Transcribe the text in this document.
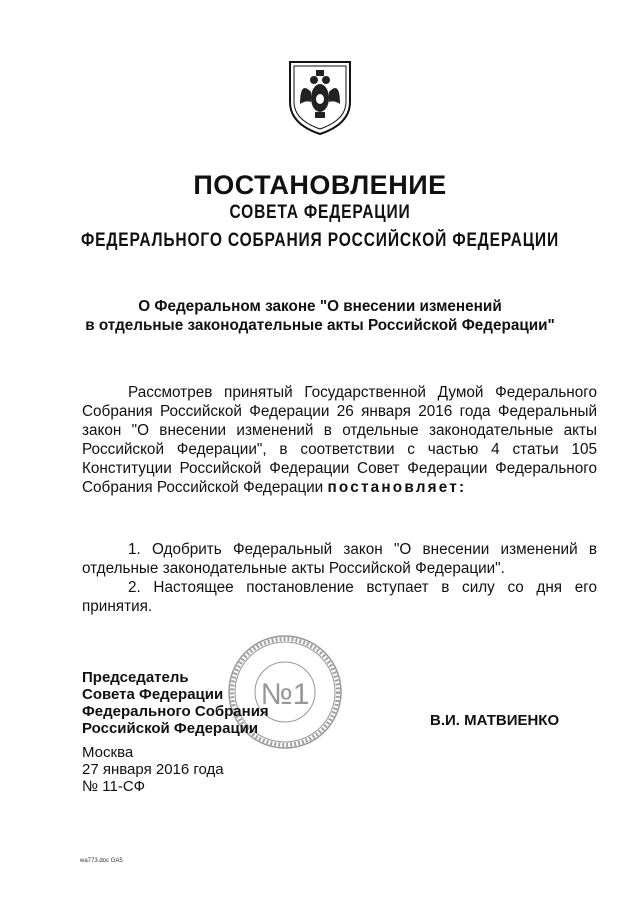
ПОСТАНОВЛЕНИЕ
СОВЕТА ФЕДЕРАЦИИ
ФЕДЕРАЛЬНОГО СОБРАНИЯ РОССИЙСКОЙ ФЕДЕРАЦИИ
О Федеральном законе "О внесении изменений
в отдельные законодательные акты Российской Федерации"
Рассмотрев принятый Государственной Думой Федерального Собрания Российской Федерации 26 января 2016 года Федеральный закон "О внесении изменений в отдельные законодательные акты Российской Федерации", в соответствии с частью 4 статьи 105 Конституции Российской Федерации Совет Федерации Федерального Собрания Российской Федерации постановляет:

1. Одобрить Федеральный закон "О внесении изменений в отдельные законодательные акты Российской Федерации".

2. Настоящее постановление вступает в силу со дня его принятия.

№1
Председатель
Совета Федерации
Федерального Собрания
Российской Федерации	В.И. МАТВИЕНКО
Москва
27 января 2016 года
№ 11-СФ
wa773.doc GA5
